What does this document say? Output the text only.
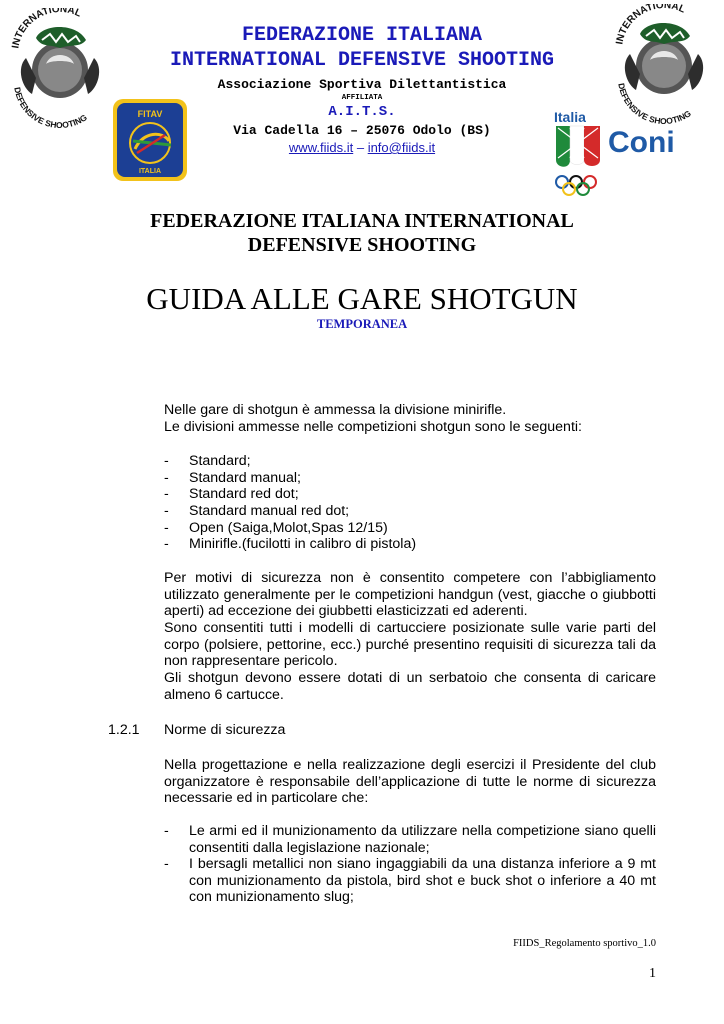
INTERNATIONAL
DEFENSIVE SHOOTING
INTERNATIONAL
DEFENSIVE SHOOTING
FITAV
ITALIA
Italia
Coni
FEDERAZIONE ITALIANA
INTERNATIONAL DEFENSIVE SHOOTING
Associazione Sportiva Dilettantistica
AFFILIATA
A.I.T.S.
Via Cadella 16 – 25076 Odolo (BS)
www.fiids.it – info@fiids.it
FEDERAZIONE ITALIANA INTERNATIONAL
DEFENSIVE SHOOTING
GUIDA ALLE GARE SHOTGUN
TEMPORANEA
Nelle gare di shotgun è ammessa la divisione minirifle.
Le divisioni ammesse nelle competizioni shotgun sono le seguenti:
- Standard;
- Standard manual;
- Standard red dot;
- Standard manual red dot;
- Open (Saiga,Molot,Spas 12/15)
- Minirifle.(fucilotti in calibro di pistola)
Per motivi di sicurezza non è consentito competere con l’abbigliamento utilizzato generalmente per le competizioni handgun (vest, giacche o giubbotti aperti) ad eccezione dei giubbetti elasticizzati ed aderenti.
Sono consentiti tutti i modelli di cartucciere posizionate sulle varie parti del corpo (polsiere, pettorine, ecc.) purché presentino requisiti di sicurezza tali da non rappresentare pericolo.
Gli shotgun devono essere dotati di un serbatoio che consenta di caricare almeno 6 cartucce.
1.2.1 Norme di sicurezza
Nella progettazione e nella realizzazione degli esercizi il Presidente del club organizzatore è responsabile dell’applicazione di tutte le norme di sicurezza necessarie ed in particolare che:
- Le armi ed il munizionamento da utilizzare nella competizione siano quelli consentiti dalla legislazione nazionale;
- I bersagli metallici non siano ingaggiabili da una distanza inferiore a 9 mt con munizionamento da pistola, bird shot e buck shot o inferiore a 40 mt con munizionamento slug;
FIIDS_Regolamento sportivo_1.0
1
